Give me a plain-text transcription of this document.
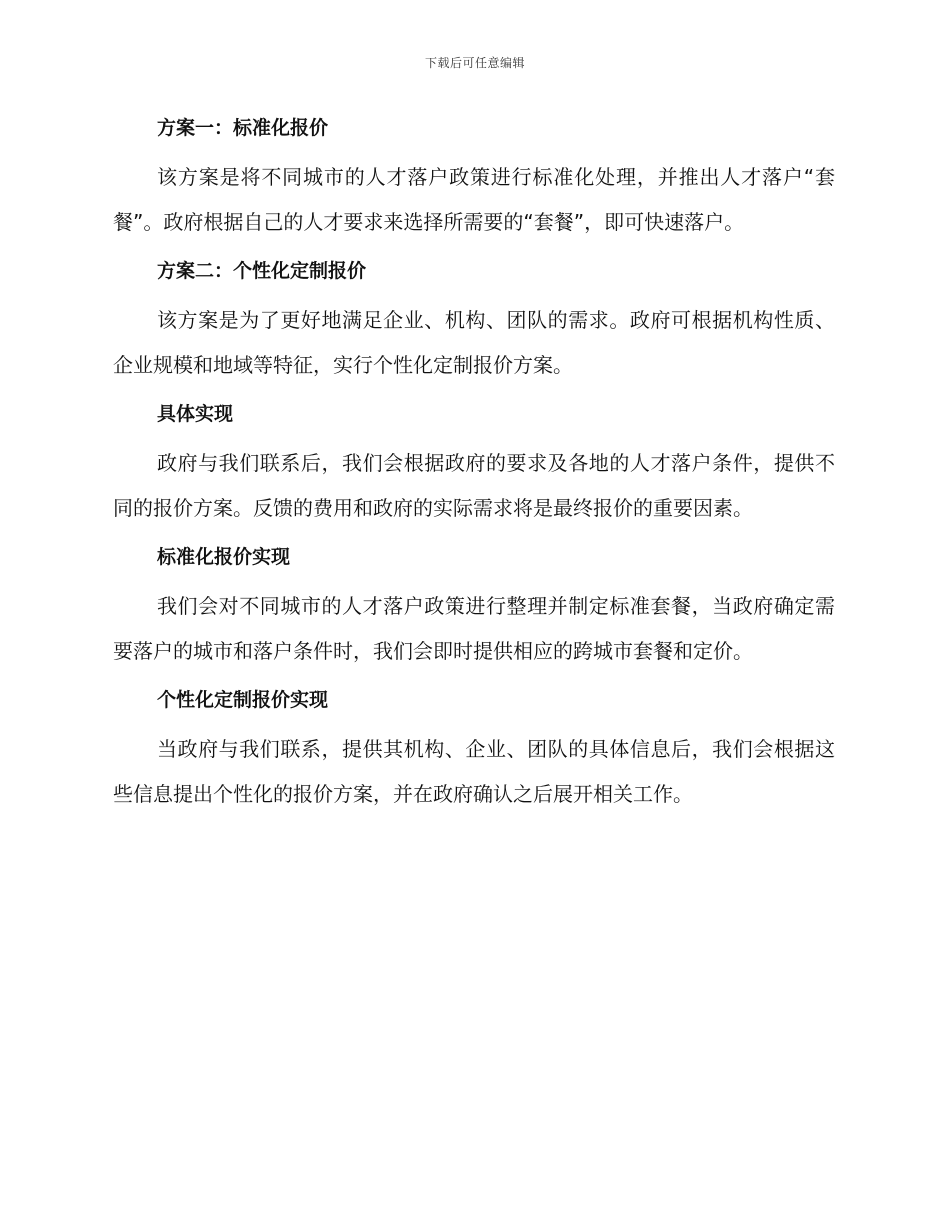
下载后可任意编辑
方案一：标准化报价

该方案是将不同城市的人才落户政策进行标准化处理，并推出人才落户“套餐”。政府根据自己的人才要求来选择所需要的“套餐”，即可快速落户。

方案二：个性化定制报价

该方案是为了更好地满足企业、机构、团队的需求。政府可根据机构性质、企业规模和地域等特征，实行个性化定制报价方案。

具体实现

政府与我们联系后，我们会根据政府的要求及各地的人才落户条件，提供不同的报价方案。反馈的费用和政府的实际需求将是最终报价的重要因素。

标准化报价实现

我们会对不同城市的人才落户政策进行整理并制定标准套餐，当政府确定需要落户的城市和落户条件时，我们会即时提供相应的跨城市套餐和定价。

个性化定制报价实现

当政府与我们联系，提供其机构、企业、团队的具体信息后，我们会根据这些信息提出个性化的报价方案，并在政府确认之后展开相关工作。
